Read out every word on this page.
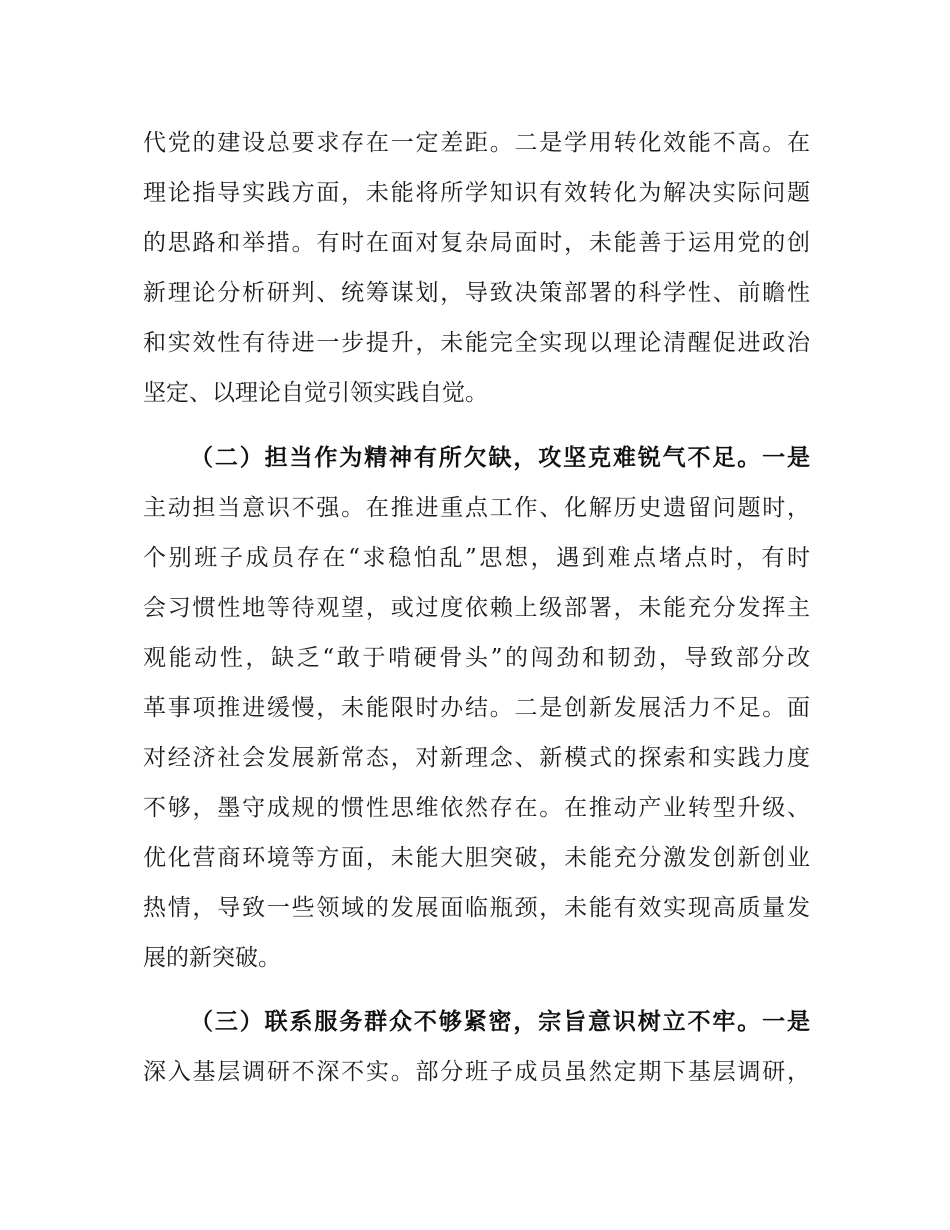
代党的建设总要求存在一定差距。二是学用转化效能不高。在
理论指导实践方面，未能将所学知识有效转化为解决实际问题
的思路和举措。有时在面对复杂局面时，未能善于运用党的创
新理论分析研判、统筹谋划，导致决策部署的科学性、前瞻性
和实效性有待进一步提升，未能完全实现以理论清醒促进政治
坚定、以理论自觉引领实践自觉。
（二）担当作为精神有所欠缺，攻坚克难锐气不足。一是
主动担当意识不强。在推进重点工作、化解历史遗留问题时，
个别班子成员存在“求稳怕乱”思想，遇到难点堵点时，有时
会习惯性地等待观望，或过度依赖上级部署，未能充分发挥主
观能动性，缺乏“敢于啃硬骨头”的闯劲和韧劲，导致部分改
革事项推进缓慢，未能限时办结。二是创新发展活力不足。面
对经济社会发展新常态，对新理念、新模式的探索和实践力度
不够，墨守成规的惯性思维依然存在。在推动产业转型升级、
优化营商环境等方面，未能大胆突破，未能充分激发创新创业
热情，导致一些领域的发展面临瓶颈，未能有效实现高质量发
展的新突破。
（三）联系服务群众不够紧密，宗旨意识树立不牢。一是
深入基层调研不深不实。部分班子成员虽然定期下基层调研，
